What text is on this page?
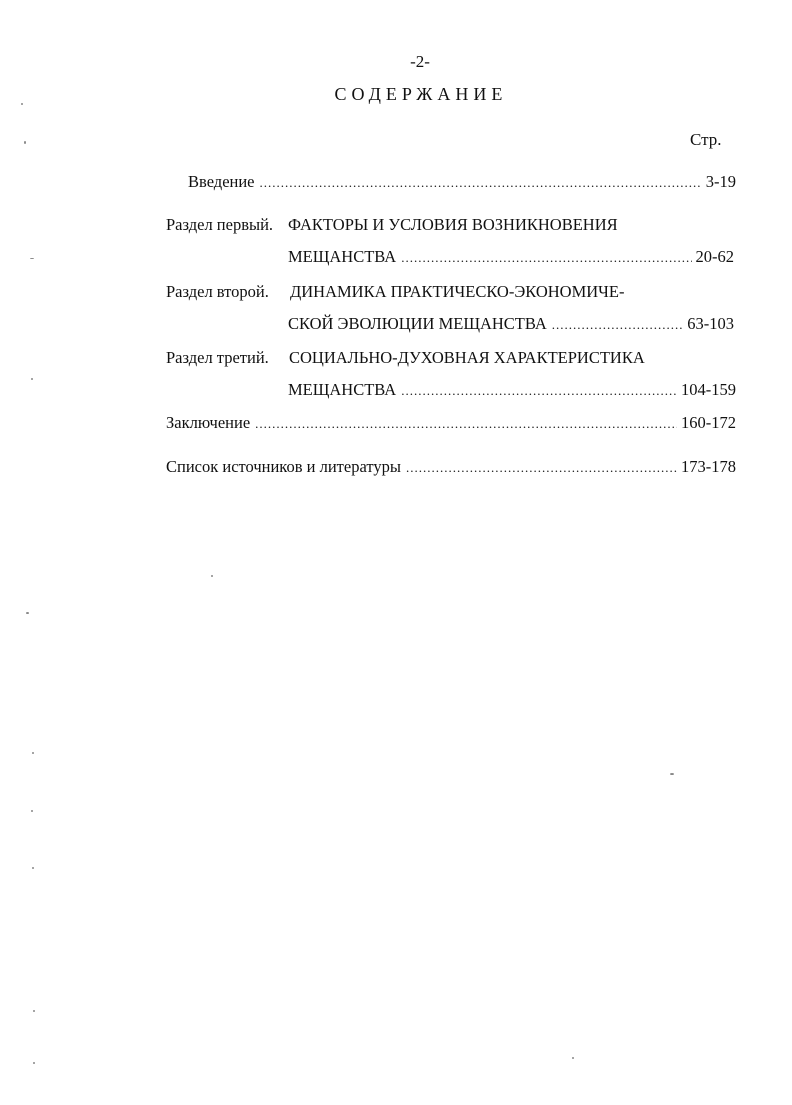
-2-
СОДЕРЖАНИЕ
Стр.
Введение .....	3-19
Раздел первый. ФАКТОРЫ И УСЛОВИЯ ВОЗНИКНОВЕНИЯ
МЕЩАНСТВА .....	20-62
Раздел второй. ДИНАМИКА ПРАКТИЧЕСКО-ЭКОНОМИЧЕ-
СКОЙ ЭВОЛЮЦИИ МЕЩАНСТВА .....	63-103
Раздел третий. СОЦИАЛЬНО-ДУХОВНАЯ ХАРАКТЕРИСТИКА
МЕЩАНСТВА .....	104-159
Заключение .....	160-172
Список источников и литературы .....	173-178
